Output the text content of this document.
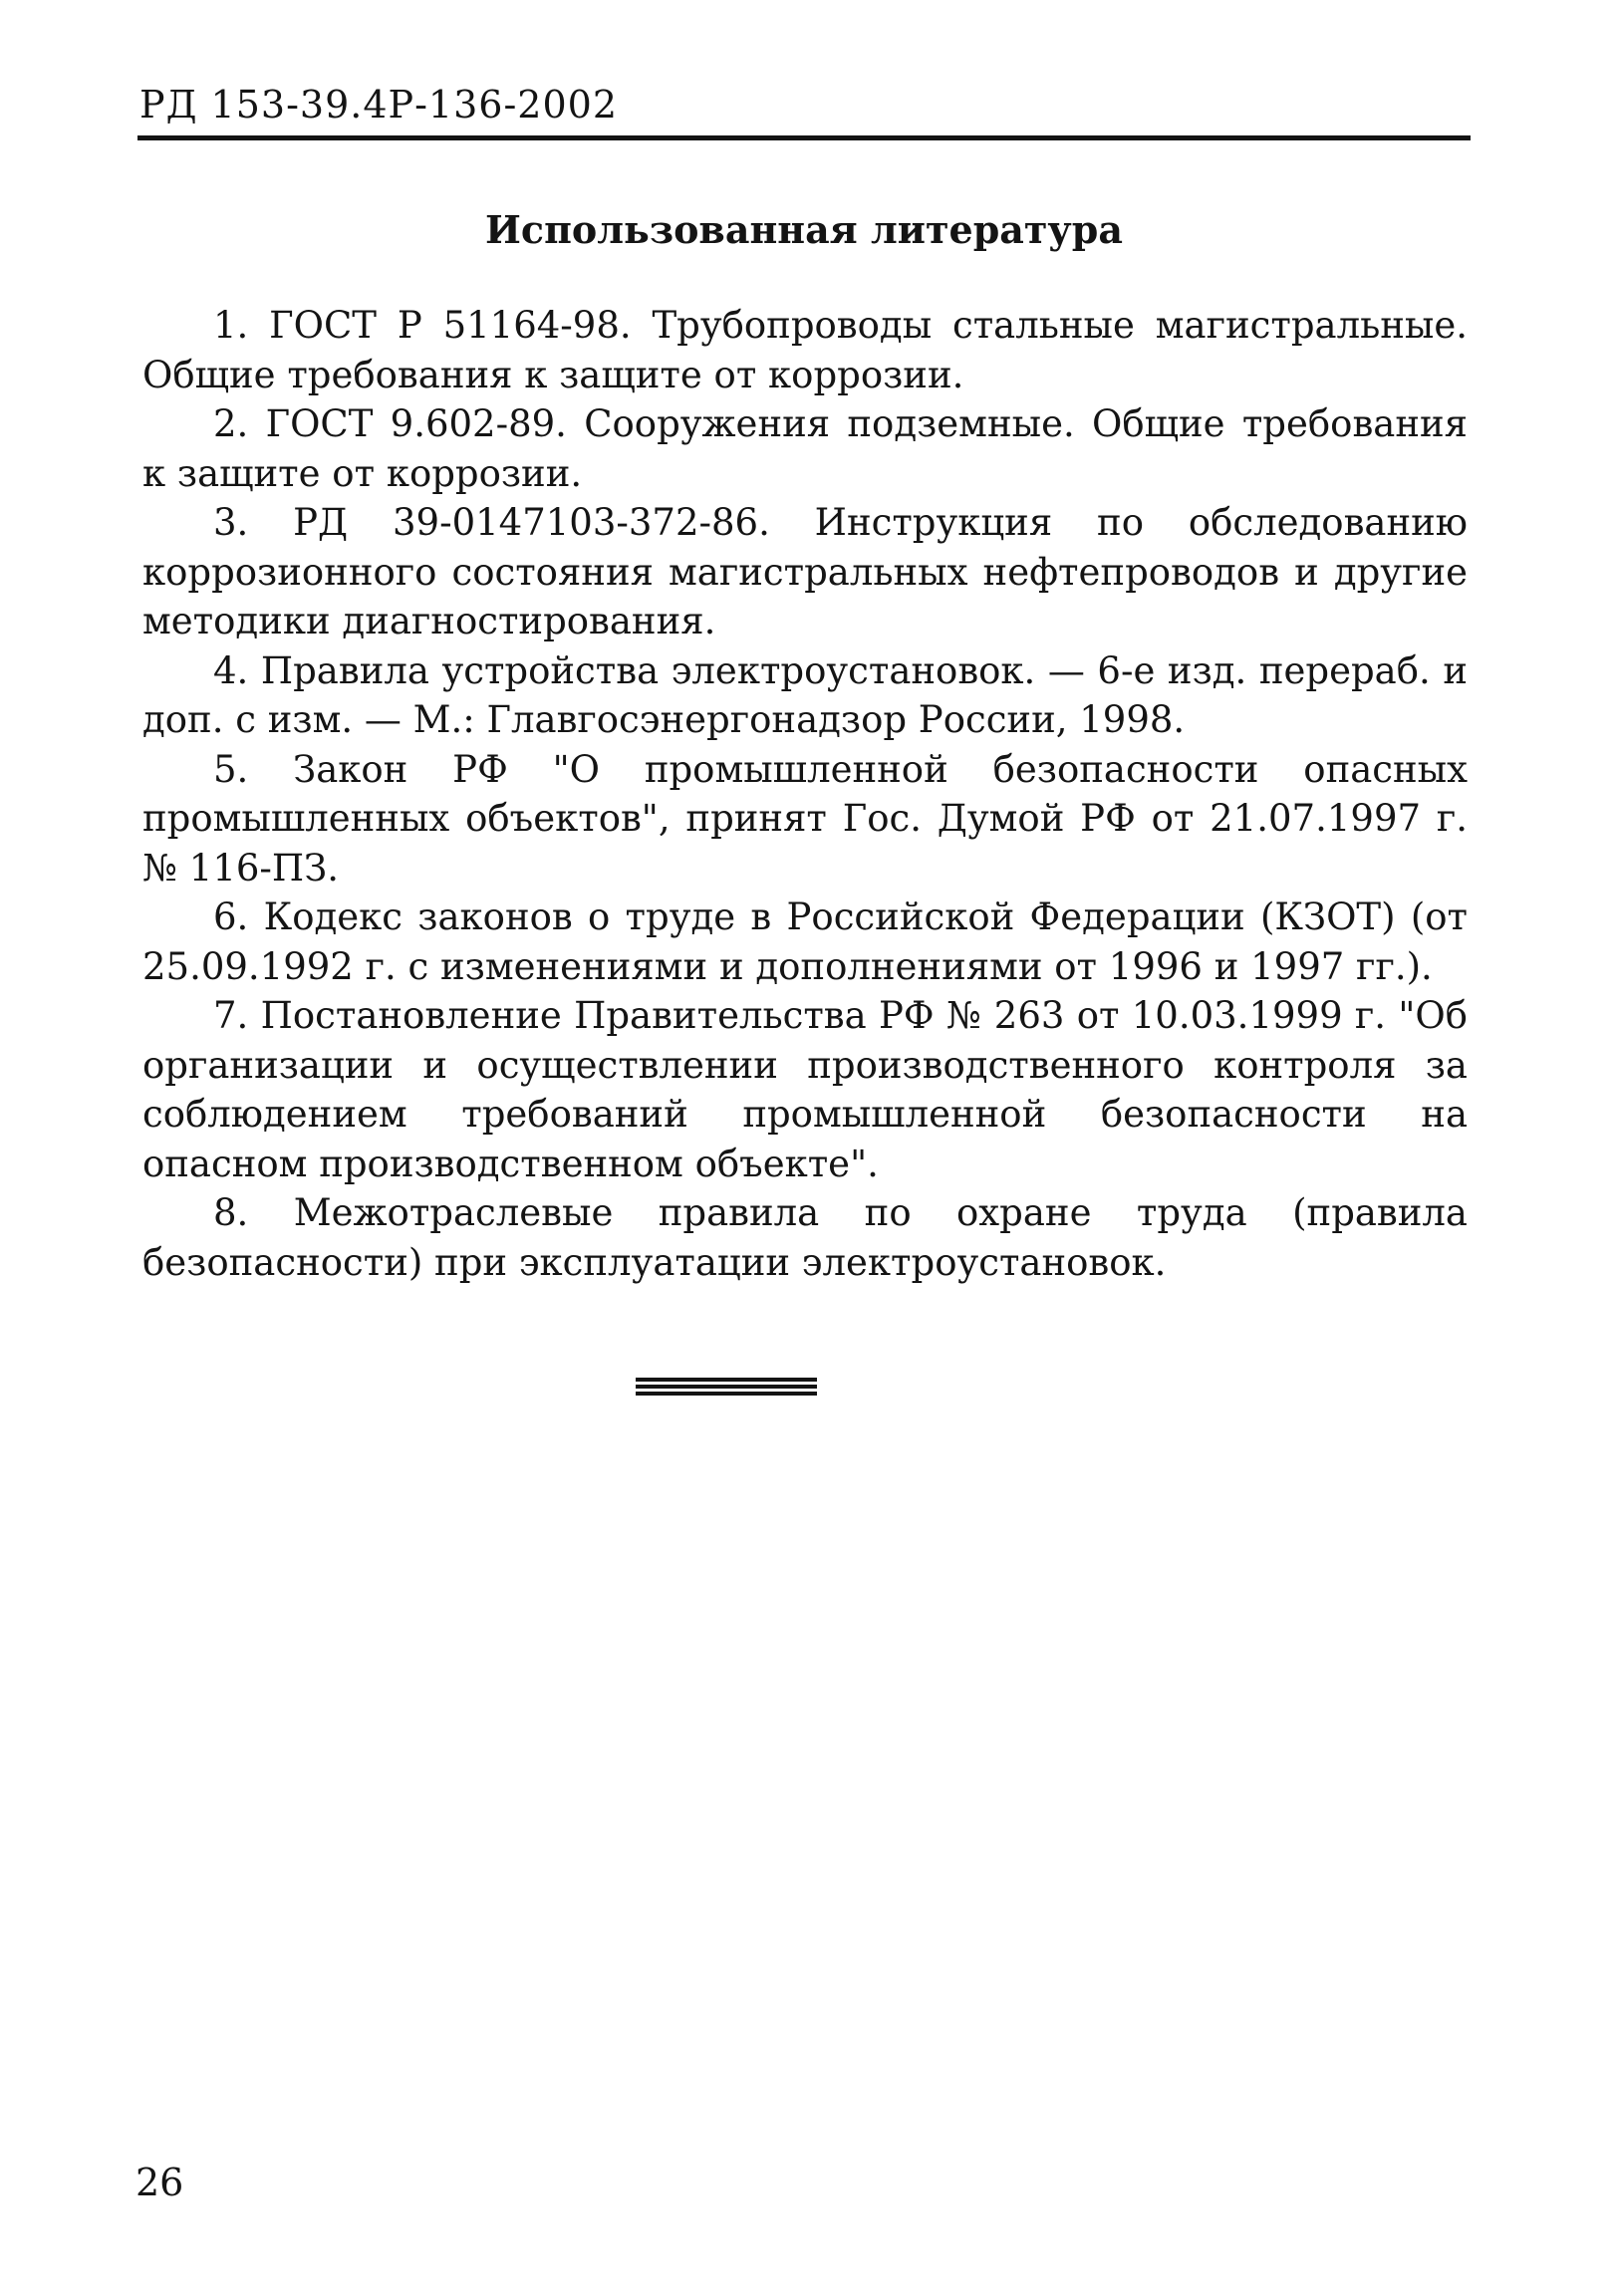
РД 153-39.4Р-136-2002
Использованная литература
1. ГОСТ Р 51164-98. Трубопроводы стальные магистральные. Общие требования к защите от коррозии.
2. ГОСТ 9.602-89. Сооружения подземные. Общие требования к защите от коррозии.
3. РД 39-0147103-372-86. Инструкция по обследованию коррозионного состояния магистральных нефтепроводов и другие методики диагностирования.
4. Правила устройства электроустановок. — 6-е изд. перераб. и доп. с изм. — М.: Главгосэнергонадзор России, 1998.
5. Закон РФ "О промышленной безопасности опасных промышленных объектов", принят Гос. Думой РФ от 21.07.1997 г. № 116-ПЗ.
6. Кодекс законов о труде в Российской Федерации (КЗОТ) (от 25.09.1992 г. с изменениями и дополнениями от 1996 и 1997 гг.).
7. Постановление Правительства РФ № 263 от 10.03.1999 г. "Об организации и осуществлении производственного контроля за соблюдением требований промышленной безопасности на опасном производственном объекте".
8. Межотраслевые правила по охране труда (правила безопасности) при эксплуатации электроустановок.
26
